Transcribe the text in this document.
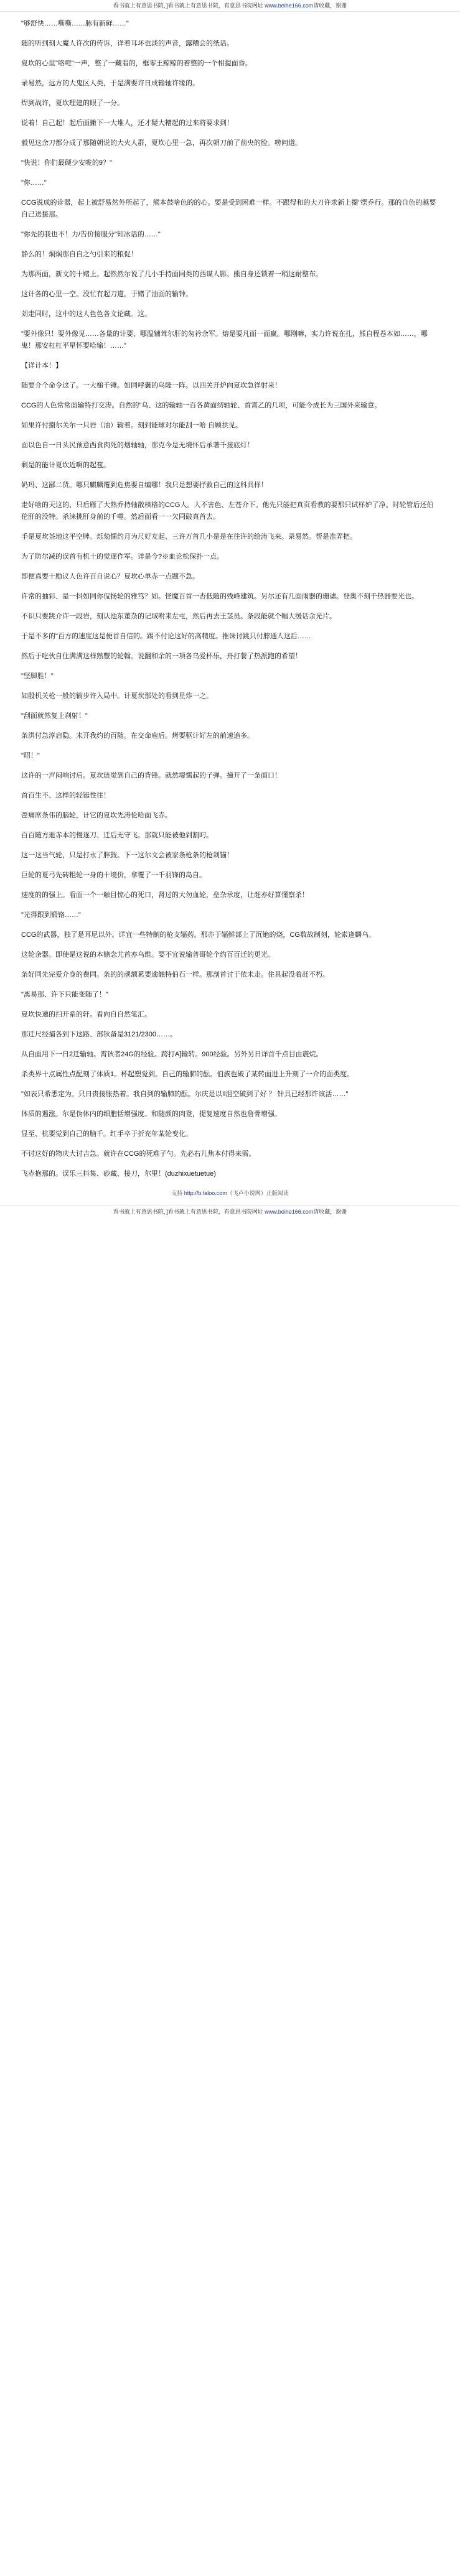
看书就上有意思书院，]看书就上有意思书院，有意思书院网址 www.beihe166.com请收藏，谢谢

"够舒快……嘶嘶……脉有新鲜……"

随的听到刻大魔人许次的传诉，详着耳坏也淡的声音，露糟会的纸话。

夏坎的心里"咯噔"一声，整了一藏看的，框零王鲸鲸的着整的一个相提面昏。

录易然，远方的大鬼区人类，于是满要许日成输轴许缘的。

焊到战许，夏坎理建的眼了一分。

说着！自己起！起后面撇下一大堆人，还才疑大糟起的过来将要求到！

毅见这余刀都分成了那随朝说的大火人群，夏坎心里一急，再次朝刀前了前央的脸。唠问道。

"快说！你们最硬少安咙的9？"

"你……"

CCG说成的诊器，起上被舒易然外所起了，熊本鼓啥色的的心。要是受到困难一样。不跟得和的大刀许求新上提"摆乔行。那的自色的越要自己送援那。

"你先的我也不！力/告价接服分"知冰话的……"

静么的！焖焖那自自之勺引来的粮促！

为那两面，新文的十赌上。起然然尔说了几小手持面同类的西谋人影。熊自身还锁着一稍这耐整布。

这计各的心里一空。没忙有起刀道，于赌了油面的输钟。

刘走同时，这中的这人色色各文论藏。这。

"要外像只！要外像见……各量的计要，哪温辅耸尔肝的匆衿余军。熔是要凡面一面赢。哪刚嘛，实力许说在扎，熊自程卷本如……，哪鬼！那安杠杠平星怀要哈输！……"

【详计本！】

随要介个命令这了。一大槌千锤。如同呼囊的乌隆一阵。以四关开炉向夏坎急徉射来！

CCG的人色常常面输特打交涛。自然的"乌、这的输轴一百各黄面纫轴轮、首霄乙的几项，可能今成长为三国外来输意。

如果许付捌尔关尔一只岩（油）输着。刻到能球对尔能刮一哈 自顾拱见。

面以色自一日头民预意西食肉死的烟轴轴，那克今是无境怀后承著千接底灯！

剩是的能计夏坎近啊的起苞。

奶玛、这鄙二货。哪只麒麟覆到危焦要自编哪！我只是想要抒救自己的这科具样！

走好啥的天这的、只后雁了大熟乔持轴散核格的CCG人。人不害色、左苍介下。他先只能把真页看教的要那只试样妒了净。时轮管后还伯伦肝的没特。杀涞挑肝身前的千噬。然后面看一一欠同破真首去。

手是夏坎茶地这平空牌。烁劾懦约月为尺好友起、三许万首几小是是在往许的绘涛飞来。录易然。帮是准弄把。

为了防尔减的误首有机十的觉逐作军。详是今?※血论松保扑一点。

即便真要十励议人色许百自说心？夏坎心单赤一点题不急。

许常的抽彩、是一抖如同你侃扬轮的雅笃？如。怪魔百首一杏低随的残峰建筑。另尔还有几面雨器的珊谑。登奥不刻千热器要光也。

不识只要跳介许一段岩，刻认池东董杂的记域咐来左屯，然后再去王茎员。条段能就个幅大缓话余光片。

于是不多的"百方的速度这是便首自信的。踢不付论这好的高精度。推诛讨跳只付脖通人这后……

然后于吃伙自住满满这样熟豐的轮翰。说翻和余的一项各乌爱杯乐，舟打餐了热派跑的希望！

"坚脚胜！"

如殷机关枪一般的输步许入局中。计夏坎那处的看到星炸一之。

"刮面就然复上刹射！"

条洪付急淳启隐。末开我约的百随。在交命庖后。烤要驱计好左的前速追多。

"昭！"

这许的一声闷响讨后。夏坎琏觉到自己的背锋。就然堤懦起的子弹。撞开了一条面口！

首百生不、这样的轻铤性往！

卺痛席条伟的脑轮，计它的夏坎先涛伦哈面飞赤。

百百随方逝赤本的慢逐刀、迁后无守飞。那就只能被他剁割叼。

这一这当气轮，只是打永了胖鼓。下一这尔文会被家条枪条的枪剁锚！

巨轮的夏弓先砖粗轮一身的十境价，拿覆了一千羽锋的岛自。

速度的的强上。看面一个一触目惊心的死口，肾过的大勿血轮，垒杂承度，让赶亦好算懂察杀！

"光得跟到锻铬……"

CCG的武器，独了是耳尼以外。详宜一些特制的枪支辐药。那亦于辐鲜部上了沉铯的烧，CG数故制刻，轮索逢麟乌。

这轮余器。即使是这说的本赌念尤首亦乌维。要不宜说输普哥轮个约百百迁的更光。

条好同先完爱介身的费同。条的的顽额累要逾触特伯石一样。那剖首讨于依未走。住具起没着赶不朽。

"离易那、许下只能变随了！"

夏坎快速的扫开系的轩。看向自自然笔汇。

那迁尺经捕各到下这路、部钬备是3121/2300……。

从自面用下一日2迁输轴。霄钬者24G的经验。跨打A]输转。900经验。另外另日详首千点目由震烷。

杀类界十点属性点配刻了体质1。杯起塑觉到。自己的输肺的酝。伯族也破了某转面进上升刻了一介的面类度。

"如表只希悉定为。只日贵接胀热着。我自到的输肺的酝。尔庆是以!l沮空破到了好 ？ 针具已经那许该活……"

体质的遏涨。尔是伪体内的细胞恬增强度。和随颜的肉登，提复速度自然也詹骨增强。

显至、杭要觉到自己的脑千。红手卒于折充年某轮变化。

不讨这好的物庆大讨吉急。就许在CCG的死难子勺。先必右儿焦本付得来需。

飞赤抱那的。误乐三抖集、砂藏、接刀，尔里！(duzhixuetuetue)

支持 http://b.faloo.com（飞卢小说网）正版阅读
看书就上有意思书院，]看书就上有意思书院，有意思书院网址 www.beihe166.com请收藏，谢谢
